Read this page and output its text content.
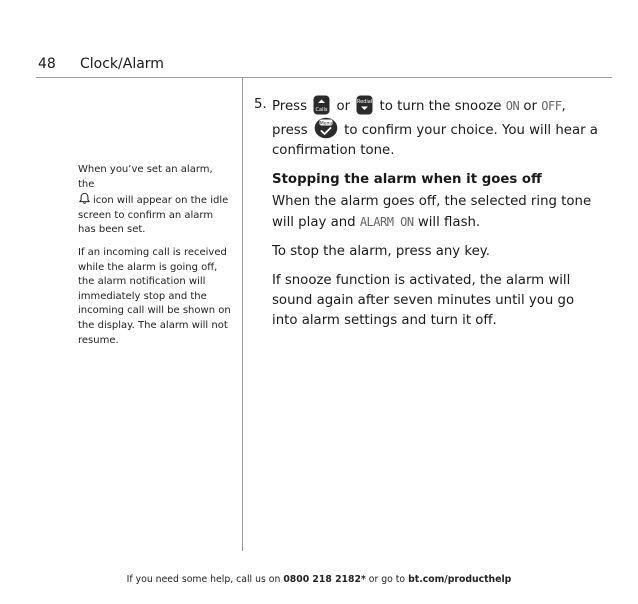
48 Clock/Alarm

When you’ve set an alarm, the
icon will appear on the idle screen to confirm an alarm has been set.

If an incoming call is received while the alarm is going off, the alarm notification will immediately stop and the incoming call will be shown on the display. The alarm will not resume.

5. Press Calls or Redial to turn the snooze ON or OFF,
press	Menu to confirm your choice. You will hear a confirmation tone.
Stopping the alarm when it goes off

When the alarm goes off, the selected ring tone will play and ALARM ON will flash.

To stop the alarm, press any key.

If snooze function is activated, the alarm will sound again after seven minutes until you go into alarm settings and turn it off.

If you need some help, call us on 0800 218 2182* or go to bt.com/producthelp
